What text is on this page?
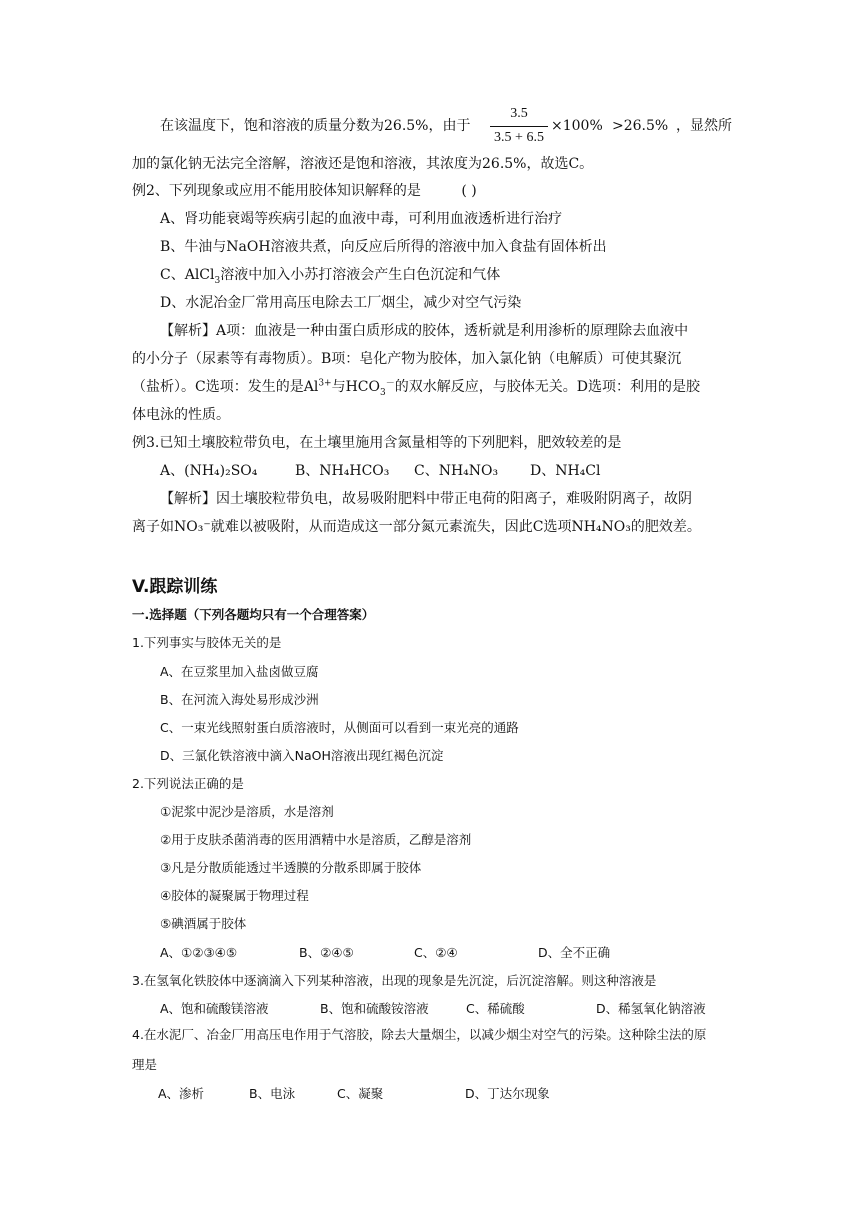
在该温度下，饱和溶液的质量分数为26.5%，由于
3.5
3.5 + 6.5
×100% >26.5% ，显然所
加的氯化钠无法完全溶解，溶液还是饱和溶液，其浓度为26.5%，故选C。
例2、下列现象或应用不能用胶体知识解释的是	( )
A、肾功能衰竭等疾病引起的血液中毒，可利用血液透析进行治疗
B、牛油与NaOH溶液共煮，向反应后所得的溶液中加入食盐有固体析出
C、AlCl$_3$溶液中加入小苏打溶液会产生白色沉淀和气体
D、水泥冶金厂常用高压电除去工厂烟尘，减少对空气污染
【解析】A项：血液是一种由蛋白质形成的胶体，透析就是利用渗析的原理除去血液中
的小分子（尿素等有毒物质）。B项：皂化产物为胶体，加入氯化钠（电解质）可使其聚沉
（盐析）。C选项：发生的是$Al^{3+}$与$HCO_3^-$的双水解反应，与胶体无关。D选项：利用的是胶
体电泳的性质。
例3.已知土壤胶粒带负电，在土壤里施用含氮量相等的下列肥料，肥效较差的是
A、(NH₄)₂SO₄	B、NH₄HCO₃ C、NH₄NO₃ D、NH₄Cl
【解析】因土壤胶粒带负电，故易吸附肥料中带正电荷的阳离子，难吸附阴离子，故阴
离子如NO₃⁻就难以被吸附，从而造成这一部分氮元素流失，因此C选项NH₄NO₃的肥效差。
V.跟踪训练
一.选择题（下列各题均只有一个合理答案）
1.下列事实与胶体无关的是
A、在豆浆里加入盐卤做豆腐
B、在河流入海处易形成沙洲
C、一束光线照射蛋白质溶液时，从侧面可以看到一束光亮的通路
D、三氯化铁溶液中滴入NaOH溶液出现红褐色沉淀
2.下列说法正确的是
①泥浆中泥沙是溶质，水是溶剂
②用于皮肤杀菌消毒的医用酒精中水是溶质，乙醇是溶剂
③凡是分散质能透过半透膜的分散系即属于胶体
④胶体的凝聚属于物理过程
⑤碘酒属于胶体
A、①②③④⑤	B、②④⑤	C、②④	D、全不正确
3.在氢氧化铁胶体中逐滴滴入下列某种溶液，出现的现象是先沉淀，后沉淀溶解。则这种溶液是
A、饱和硫酸镁溶液	B、饱和硫酸铵溶液	C、稀硫酸	D、稀氢氧化钠溶液
4.在水泥厂、冶金厂用高压电作用于气溶胶，除去大量烟尘，以减少烟尘对空气的污染。这种除尘法的原
理是
A、渗析	B、电泳	C、凝聚	D、丁达尔现象
